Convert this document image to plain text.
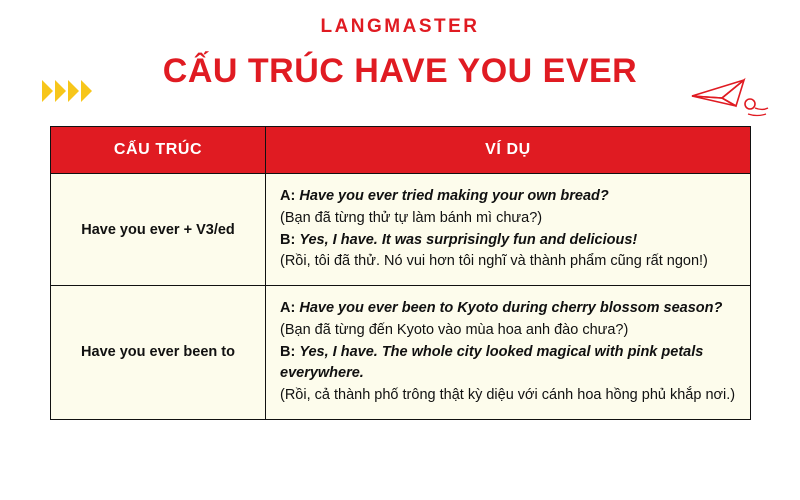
LANGMASTER
CẤU TRÚC HAVE YOU EVER
CẤU TRÚC	VÍ DỤ
Have you ever + V3/ed	A: Have you ever tried making your own bread?

(Bạn đã từng thử tự làm bánh mì chưa?)

B: Yes, I have. It was surprisingly fun and delicious!

(Rồi, tôi đã thử. Nó vui hơn tôi nghĩ và thành phẩm cũng rất ngon!)

Have you ever been to	A: Have you ever been to Kyoto during cherry blossom season?

(Bạn đã từng đến Kyoto vào mùa hoa anh đào chưa?)

B: Yes, I have. The whole city looked magical with pink petals everywhere.

(Rồi, cả thành phố trông thật kỳ diệu với cánh hoa hồng phủ khắp nơi.)
